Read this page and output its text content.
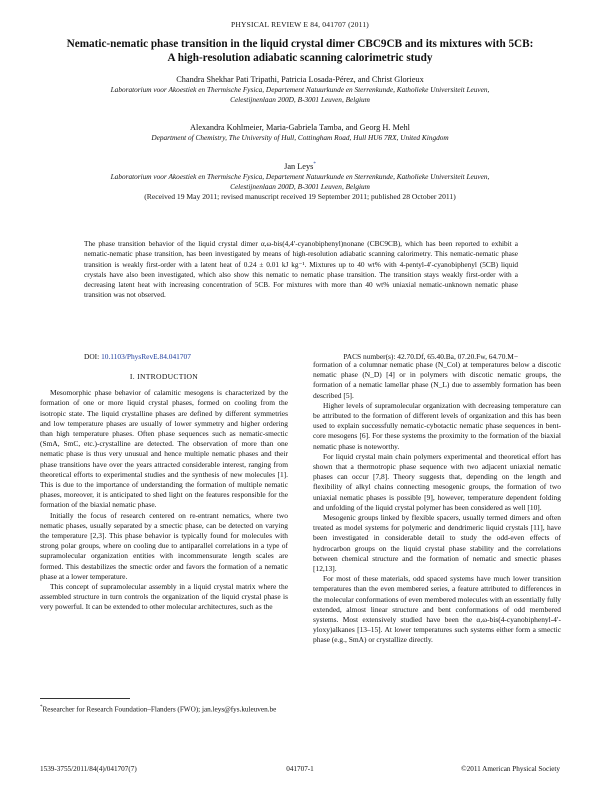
PHYSICAL REVIEW E 84, 041707 (2011)
Nematic-nematic phase transition in the liquid crystal dimer CBC9CB and its mixtures with 5CB:
A high-resolution adiabatic scanning calorimetric study
Chandra Shekhar Pati Tripathi, Patricia Losada-Pérez, and Christ Glorieux
Laboratorium voor Akoestiek en Thermische Fysica, Departement Natuurkunde en Sterrenkunde, Katholieke Universiteit Leuven,
Celestijnenlaan 200D, B-3001 Leuven, Belgium
Alexandra Kohlmeier, Maria-Gabriela Tamba, and Georg H. Mehl
Department of Chemistry, The University of Hull, Cottingham Road, Hull HU6 7RX, United Kingdom
Jan Leys*
Laboratorium voor Akoestiek en Thermische Fysica, Departement Natuurkunde en Sterrenkunde, Katholieke Universiteit Leuven,
Celestijnenlaan 200D, B-3001 Leuven, Belgium
(Received 19 May 2011; revised manuscript received 19 September 2011; published 28 October 2011)
The phase transition behavior of the liquid crystal dimer α,ω-bis(4,4′-cyanobiphenyl)nonane (CBC9CB), which has been reported to exhibit a nematic-nematic phase transition, has been investigated by means of high-resolution adiabatic scanning calorimetry. This nematic-nematic phase transition is weakly first-order with a latent heat of 0.24 ± 0.01 kJ kg⁻¹. Mixtures up to 40 wt% with 4-pentyl-4′-cyanobiphenyl (5CB) liquid crystals have also been investigated, which also show this nematic to nematic phase transition. The transition stays weakly first-order with a decreasing latent heat with increasing concentration of 5CB. For mixtures with more than 40 wt% uniaxial nematic-unknown nematic phase transition was not observed.
DOI: 10.1103/PhysRevE.84.041707	PACS number(s): 42.70.Df, 65.40.Ba, 07.20.Fw, 64.70.M−
I. INTRODUCTION

Mesomorphic phase behavior of calamitic mesogens is characterized by the formation of one or more liquid crystal phases, formed on cooling from the isotropic state. The liquid crystalline phases are defined by different symmetries and low temperature phases are usually of lower symmetry and higher ordering than high temperature phases. Often phase sequences such as nematic-smectic (SmA, SmC, etc.)-crystalline are detected. The observation of more than one nematic phase is thus very unusual and hence multiple nematic phases and their phase transitions have over the years attracted considerable interest, ranging from theoretical efforts to experimental studies and the synthesis of new molecules [1]. This is due to the importance of understanding the formation of multiple nematic phases, moreover, it is anticipated to shed light on the features responsible for the formation of the biaxial nematic phase.

Initially the focus of research centered on re-entrant nematics, where two nematic phases, usually separated by a smectic phase, can be detected on varying the temperature [2,3]. This phase behavior is typically found for molecules with strong polar groups, where on cooling due to antiparallel correlations in a type of supramolecular organization entities with incommensurate length scales are formed. This destabilizes the smectic order and favors the formation of a nematic phase at a lower temperature.

This concept of supramolecular assembly in a liquid crystal matrix where the assembled structure in turn controls the organization of the liquid crystal phase is very powerful. It can be extended to other molecular architectures, such as the

formation of a columnar nematic phase (N_Col) at temperatures below a discotic nematic phase (N_D) [4] or in polymers with discotic nematic groups, the formation of a nematic lamellar phase (N_L) due to assembly formation has been described [5].

Higher levels of supramolecular organization with decreasing temperature can be attributed to the formation of different levels of organization and this has been used to explain successfully nematic-cybotactic nematic phase sequences in bent-core mesogens [6]. For these systems the proximity to the formation of the biaxial nematic phase is noteworthy.

For liquid crystal main chain polymers experimental and theoretical effort has shown that a thermotropic phase sequence with two adjacent uniaxial nematic phases can occur [7,8]. Theory suggests that, depending on the length and flexibility of alkyl chains connecting mesogenic groups, the formation of two uniaxial nematic phases is possible [9], however, temperature dependent folding and unfolding of the liquid crystal polymer has been considered as well [10].

Mesogenic groups linked by flexible spacers, usually termed dimers and often treated as model systems for polymeric and dendrimeric liquid crystals [11], have been investigated in considerable detail to study the odd-even effects of hydrocarbon groups on the liquid crystal phase stability and the correlations between chemical structure and the formation of nematic and smectic phases [12,13].

For most of these materials, odd spaced systems have much lower transition temperatures than the even membered series, a feature attributed to differences in the molecular conformations of even membered molecules with an essentially fully extended, almost linear structure and bent conformations of odd membered systems. Most extensively studied have been the α,ω-bis(4-cyanobiphenyl-4′-yloxy)alkanes [13–15]. At lower temperatures such systems either form a smectic phase (e.g., SmA) or crystallize directly.

*Researcher for Research Foundation–Flanders (FWO); jan.leys@fys.kuleuven.be
1539-3755/2011/84(4)/041707(7)	041707-1	©2011 American Physical Society
